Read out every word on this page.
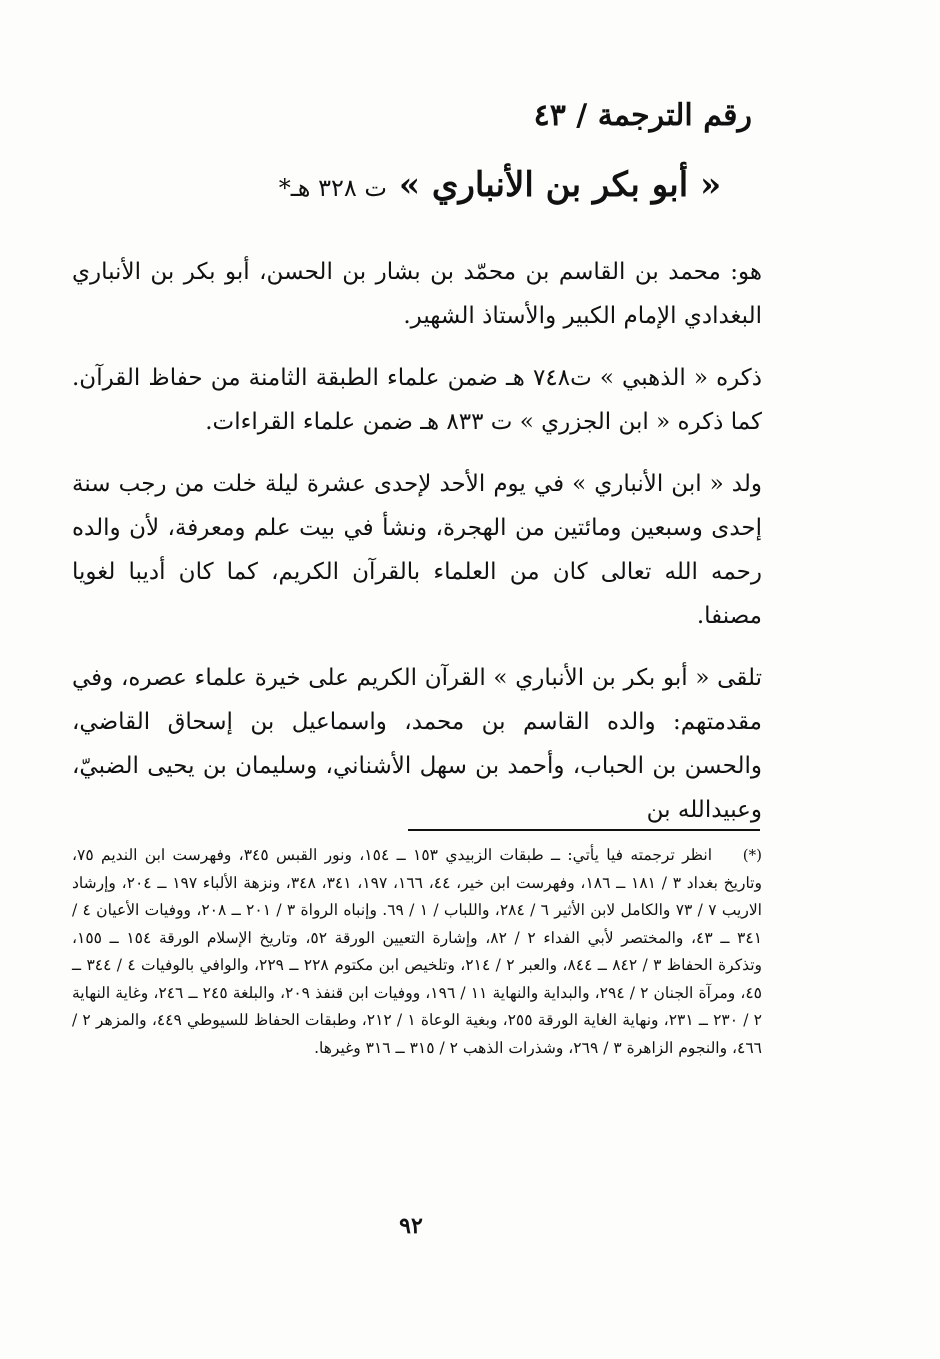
رقم الترجمة / ٤٣
« أبو بكر بن الأنباري » ت ٣٢٨ هـ*

هو: محمد بن القاسم بن محمّد بن بشار بن الحسن، أبو بكر بن الأنباري البغدادي الإمام الكبير والأستاذ الشهير.

ذكره « الذهبي » ت٧٤٨ هـ ضمن علماء الطبقة الثامنة من حفاظ القرآن. كما ذكره « ابن الجزري » ت ٨٣٣ هـ ضمن علماء القراءات.

ولد « ابن الأنباري » في يوم الأحد لإحدى عشرة ليلة خلت من رجب سنة إحدى وسبعين ومائتين من الهجرة، ونشأ في بيت علم ومعرفة، لأن والده رحمه الله تعالى كان من العلماء بالقرآن الكريم، كما كان أديبا لغويا مصنفا.

تلقى « أبو بكر بن الأنباري » القرآن الكريم على خيرة علماء عصره، وفي مقدمتهم: والده القاسم بن محمد، واسماعيل بن إسحاق القاضي، والحسن بن الحباب، وأحمد بن سهل الأشناني، وسليمان بن يحيى الضبيّ، وعبيدالله بن

(*)
انظر ترجمته فيا يأتي: ــ طبقات الزبيدي ١٥٣ ــ ١٥٤، ونور القبس ٣٤٥، وفهرست ابن النديم ٧٥، وتاريخ بغداد ٣ / ١٨١ ــ ١٨٦، وفهرست ابن خير، ٤٤، ١٦٦، ١٩٧، ٣٤١، ٣٤٨، ونزهة الألباء ١٩٧ ــ ٢٠٤، وإرشاد الاريب ٧ / ٧٣ والكامل لابن الأثير ٦ / ٢٨٤، واللباب / ١ / ٦٩. وإنباه الرواة ٣ / ٢٠١ ــ ٢٠٨، ووفيات الأعيان ٤ / ٣٤١ ــ ٤٣، والمختصر لأبي الفداء ٢ / ٨٢، وإشارة التعيين الورقة ٥٢، وتاريخ الإسلام الورقة ١٥٤ ــ ١٥٥، وتذكرة الحفاظ ٣ / ٨٤٢ ــ ٨٤٤، والعبر ٢ / ٢١٤، وتلخيص ابن مكتوم ٢٢٨ ــ ٢٢٩، والوافي بالوفيات ٤ / ٣٤٤ ــ ٤٥، ومرآة الجنان ٢ / ٢٩٤، والبداية والنهاية ١١ / ١٩٦، ووفيات ابن قنفذ ٢٠٩، والبلغة ٢٤٥ ــ ٢٤٦، وغاية النهاية ٢ / ٢٣٠ ــ ٢٣١، ونهاية الغاية الورقة ٢٥٥، وبغية الوعاة ١ / ٢١٢، وطبقات الحفاظ للسيوطي ٤٤٩، والمزهر ٢ / ٤٦٦، والنجوم الزاهرة ٣ / ٢٦٩، وشذرات الذهب ٢ / ٣١٥ ــ ٣١٦ وغيرها.
٩٢
